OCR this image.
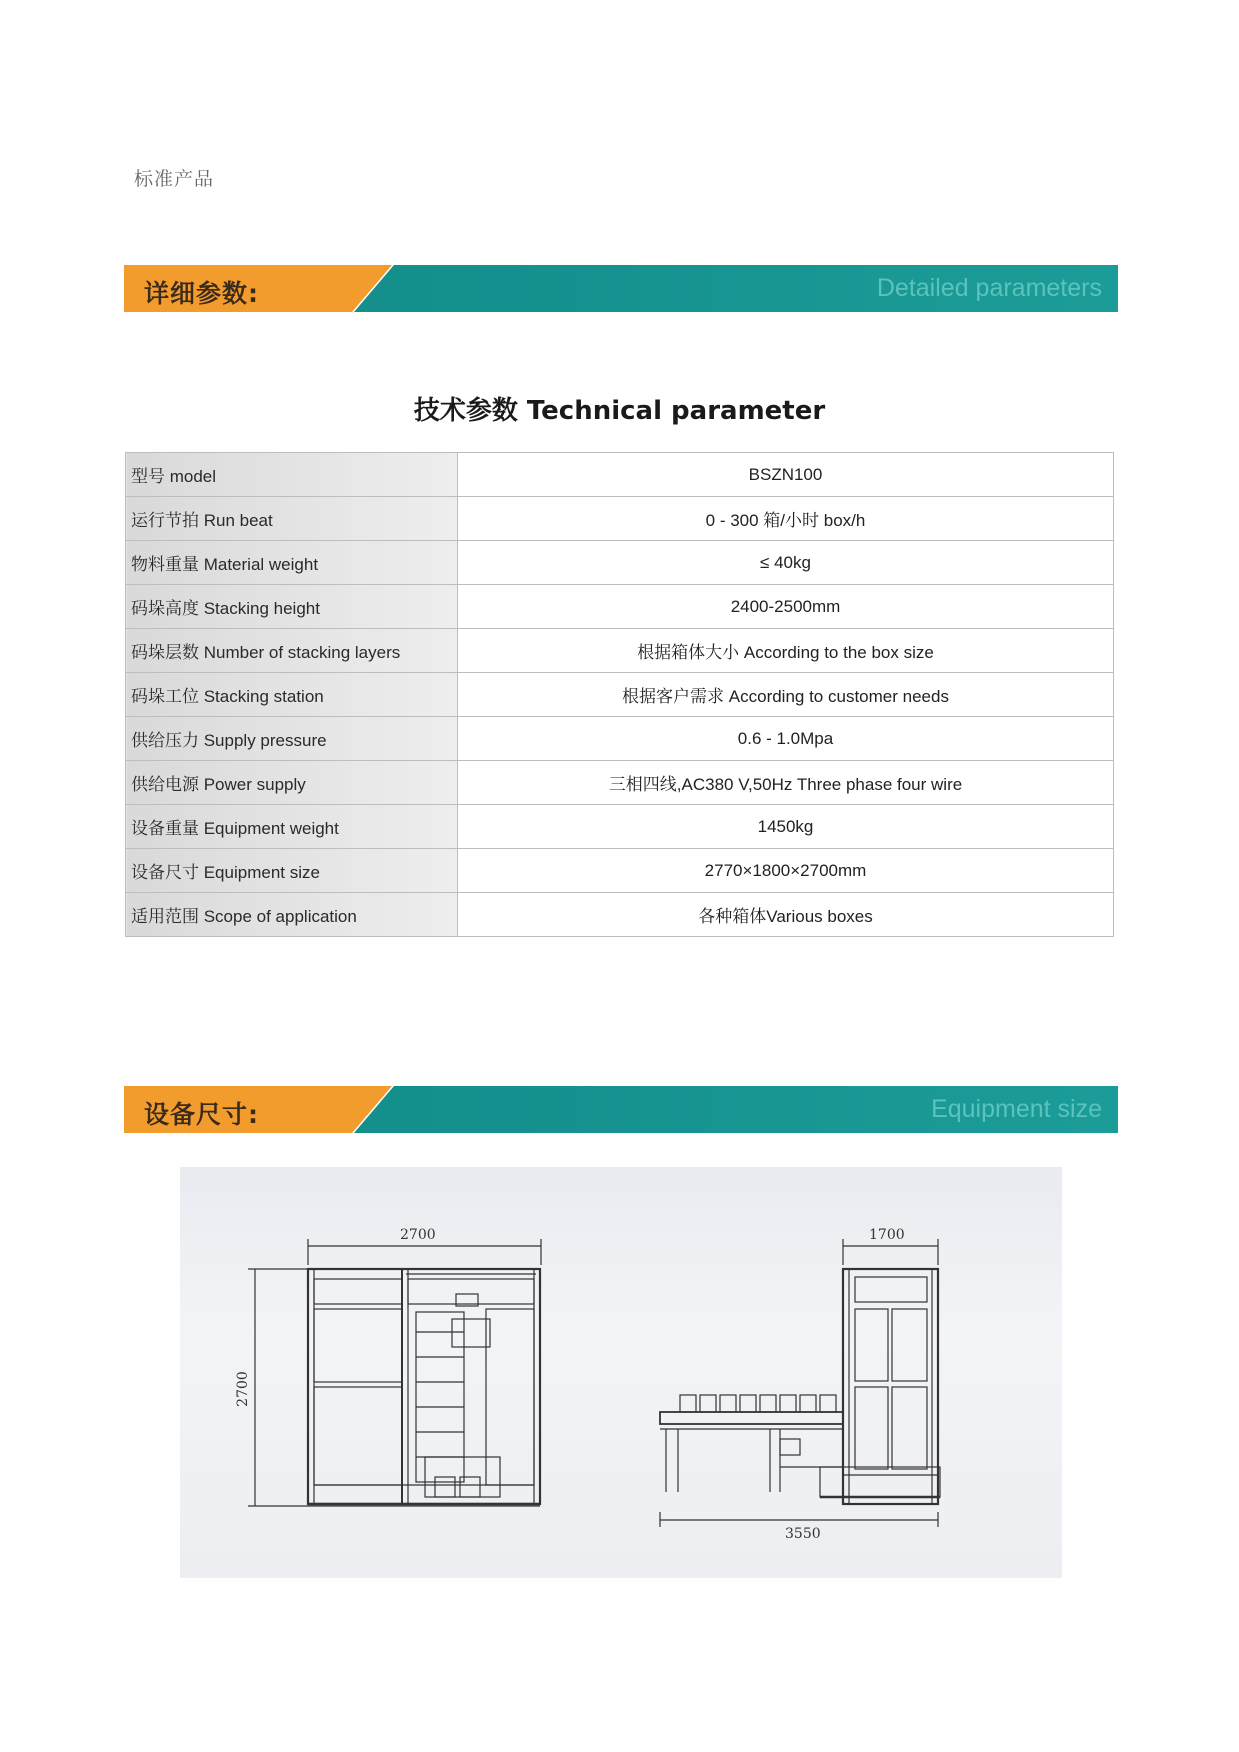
标准产品
详细参数:	Detailed parameters
技术参数 Technical parameter
型号 model	BSZN100
运行节拍 Run beat	0 - 300 箱/小时 box/h
物料重量 Material weight	≤ 40kg
码垛高度 Stacking height	2400-2500mm
码垛层数 Number of stacking layers	根据箱体大小 According to the box size
码垛工位 Stacking station	根据客户需求 According to customer needs
供给压力 Supply pressure	0.6 - 1.0Mpa
供给电源 Power supply	三相四线,AC380 V,50Hz Three phase four wire
设备重量 Equipment weight	1450kg
设备尺寸 Equipment size	2770×1800×2700mm
适用范围 Scope of application	各种箱体Various boxes
设备尺寸:	Equipment size
2700
2700
1700
3550
